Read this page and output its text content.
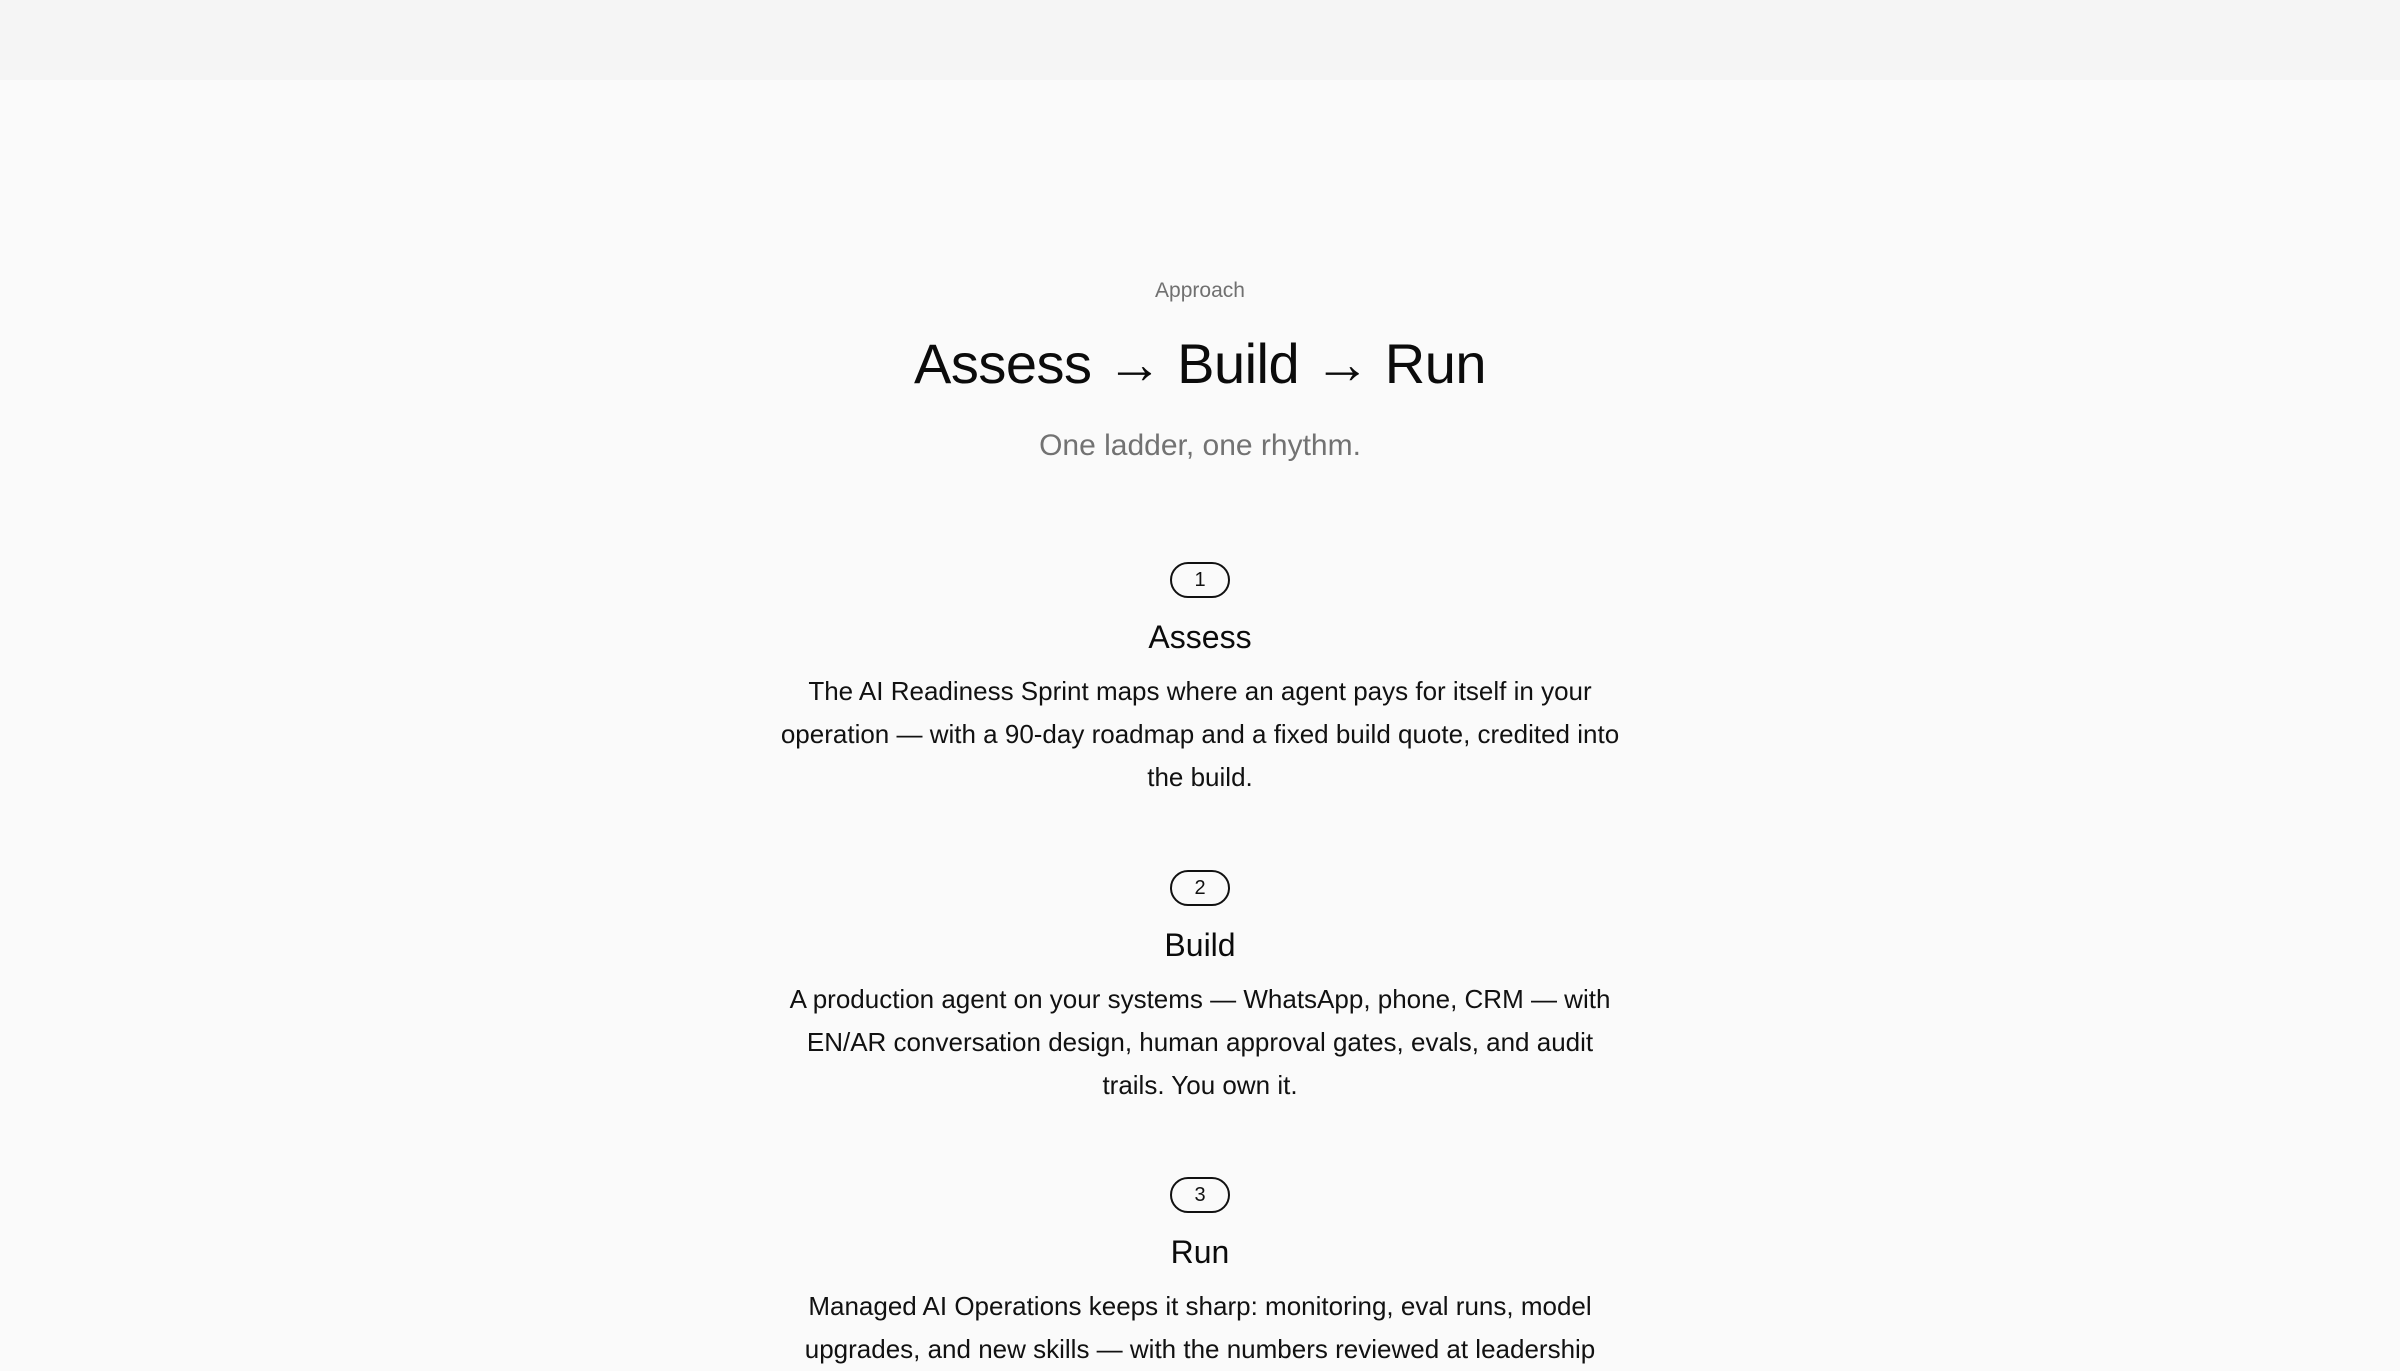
Approach
Assess → Build → Run
One ladder, one rhythm.
1
Assess
The AI Readiness Sprint maps where an agent pays for itself in your operation — with a 90-day roadmap and a fixed build quote, credited into the build.
2
Build
A production agent on your systems — WhatsApp, phone, CRM — with EN/AR conversation design, human approval gates, evals, and audit trails. You own it.
3
Run
Managed AI Operations keeps it sharp: monitoring, eval runs, model upgrades, and new skills — with the numbers reviewed at leadership
